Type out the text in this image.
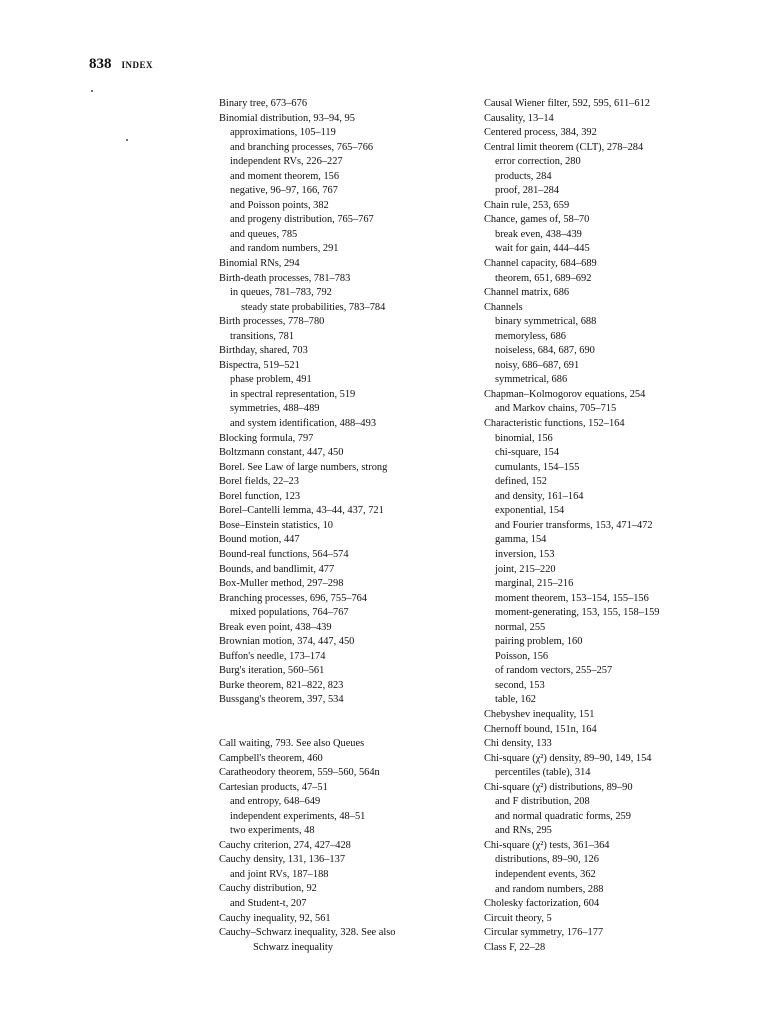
838 INDEX
Binary tree, 673–676
Binomial distribution, 93–94, 95
approximations, 105–119
and branching processes, 765–766
independent RVs, 226–227
and moment theorem, 156
negative, 96–97, 166, 767
and Poisson points, 382
and progeny distribution, 765–767
and queues, 785
and random numbers, 291
Binomial RNs, 294
Birth-death processes, 781–783
in queues, 781–783, 792
steady state probabilities, 783–784
Birth processes, 778–780
transitions, 781
Birthday, shared, 703
Bispectra, 519–521
phase problem, 491
in spectral representation, 519
symmetries, 488–489
and system identification, 488–493
Blocking formula, 797
Boltzmann constant, 447, 450
Borel. See Law of large numbers, strong
Borel fields, 22–23
Borel function, 123
Borel–Cantelli lemma, 43–44, 437, 721
Bose–Einstein statistics, 10
Bound motion, 447
Bound-real functions, 564–574
Bounds, and bandlimit, 477
Box-Muller method, 297–298
Branching processes, 696, 755–764
mixed populations, 764–767
Break even point, 438–439
Brownian motion, 374, 447, 450
Buffon's needle, 173–174
Burg's iteration, 560–561
Burke theorem, 821–822, 823
Bussgang's theorem, 397, 534
Call waiting, 793. See also Queues
Campbell's theorem, 460
Caratheodory theorem, 559–560, 564n
Cartesian products, 47–51
and entropy, 648–649
independent experiments, 48–51
two experiments, 48
Cauchy criterion, 274, 427–428
Cauchy density, 131, 136–137
and joint RVs, 187–188
Cauchy distribution, 92
and Student-t, 207
Cauchy inequality, 92, 561
Cauchy–Schwarz inequality, 328. See also
Schwarz inequality
Causal Wiener filter, 592, 595, 611–612
Causality, 13–14
Centered process, 384, 392
Central limit theorem (CLT), 278–284
error correction, 280
products, 284
proof, 281–284
Chain rule, 253, 659
Chance, games of, 58–70
break even, 438–439
wait for gain, 444–445
Channel capacity, 684–689
theorem, 651, 689–692
Channel matrix, 686
Channels
binary symmetrical, 688
memoryless, 686
noiseless, 684, 687, 690
noisy, 686–687, 691
symmetrical, 686
Chapman–Kolmogorov equations, 254
and Markov chains, 705–715
Characteristic functions, 152–164
binomial, 156
chi-square, 154
cumulants, 154–155
defined, 152
and density, 161–164
exponential, 154
and Fourier transforms, 153, 471–472
gamma, 154
inversion, 153
joint, 215–220
marginal, 215–216
moment theorem, 153–154, 155–156
moment-generating, 153, 155, 158–159
normal, 255
pairing problem, 160
Poisson, 156
of random vectors, 255–257
second, 153
table, 162
Chebyshev inequality, 151
Chernoff bound, 151n, 164
Chi density, 133
Chi-square (χ²) density, 89–90, 149, 154
percentiles (table), 314
Chi-square (χ²) distributions, 89–90
and F distribution, 208
and normal quadratic forms, 259
and RNs, 295
Chi-square (χ²) tests, 361–364
distributions, 89–90, 126
independent events, 362
and random numbers, 288
Cholesky factorization, 604
Circuit theory, 5
Circular symmetry, 176–177
Class F, 22–28
